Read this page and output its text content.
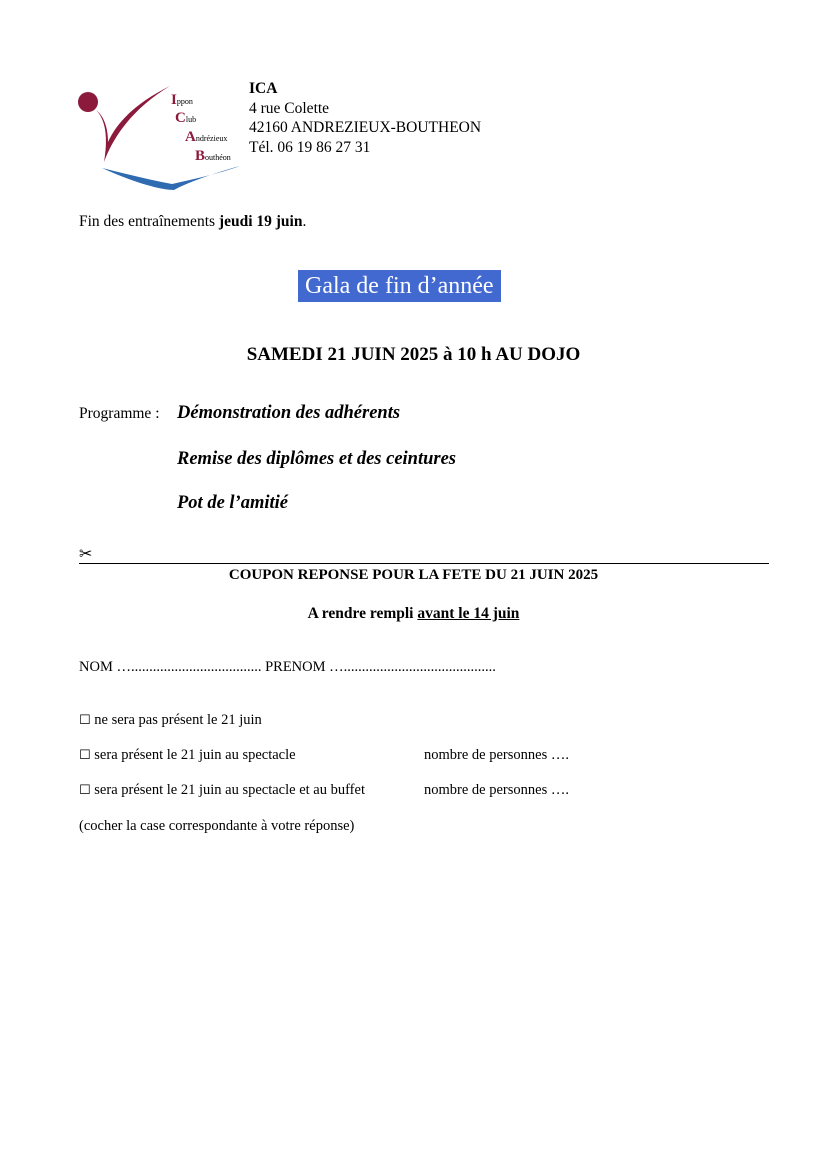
Ippon
Club
Andrézieux
Bouthéon
ICA
4 rue Colette
42160 ANDREZIEUX-BOUTHEON
Tél. 06 19 86 27 31
Fin des entraînements jeudi 19 juin.
Gala de fin d’année
SAMEDI 21 JUIN 2025 à 10 h AU DOJO
Programme : Démonstration des adhérents
Remise des diplômes et des ceintures
Pot de l’amitié
✂
COUPON REPONSE POUR LA FETE DU 21 JUIN 2025
A rendre rempli avant le 14 juin
NOM ….................................... PRENOM …..........................................
☐ ne sera pas présent le 21 juin
☐ sera présent le 21 juin au spectacle	nombre de personnes ….
☐ sera présent le 21 juin au spectacle et au buffet	nombre de personnes ….
(cocher la case correspondante à votre réponse)
